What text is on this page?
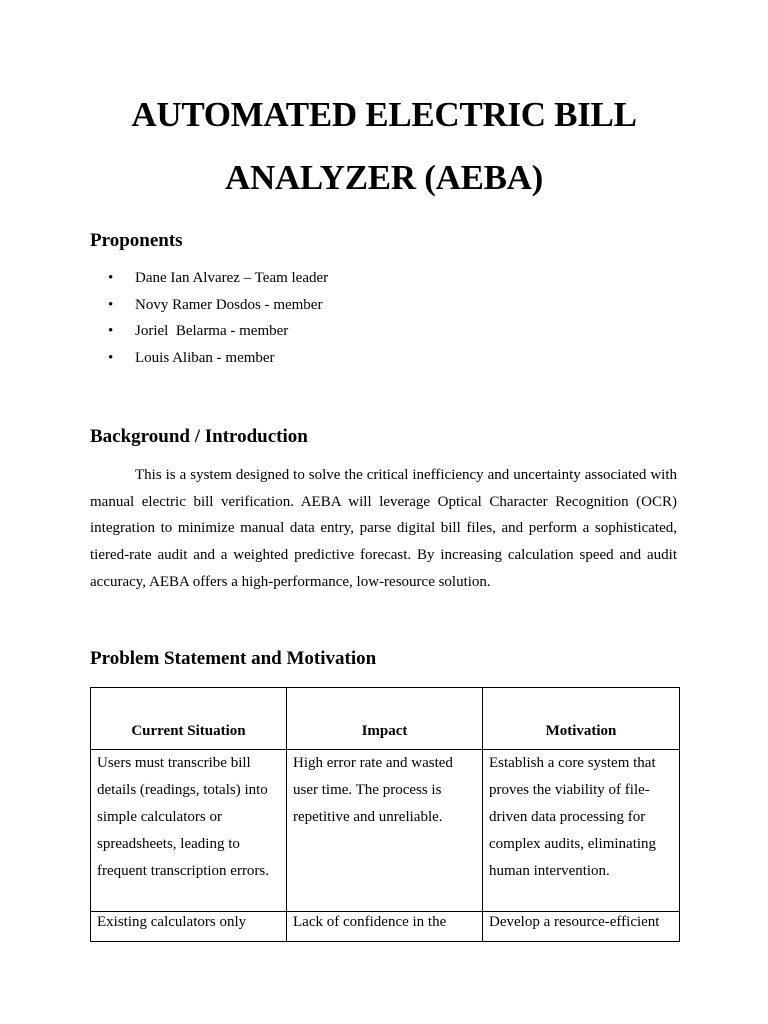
AUTOMATED ELECTRIC BILL
ANALYZER (AEBA)
Proponents
• Dane Ian Alvarez – Team leader
• Novy Ramer Dosdos - member
• Joriel  Belarma - member
• Louis Aliban - member
Background / Introduction

This is a system designed to solve the critical inefficiency and uncertainty associated with manual electric bill verification. AEBA will leverage Optical Character Recognition (OCR) integration to minimize manual data entry, parse digital bill files, and perform a sophisticated, tiered-rate audit and a weighted predictive forecast. By increasing calculation speed and audit accuracy, AEBA offers a high-performance, low-resource solution.

Problem Statement and Motivation
Current Situation	Impact	Motivation
Users must transcribe bill details (readings, totals) into simple calculators or spreadsheets, leading to frequent transcription errors.	High error rate and wasted user time. The process is repetitive and unreliable.	Establish a core system that proves the viability of file-driven data processing for complex audits, eliminating human intervention.
Existing calculators only	Lack of confidence in the	Develop a resource-efficient
